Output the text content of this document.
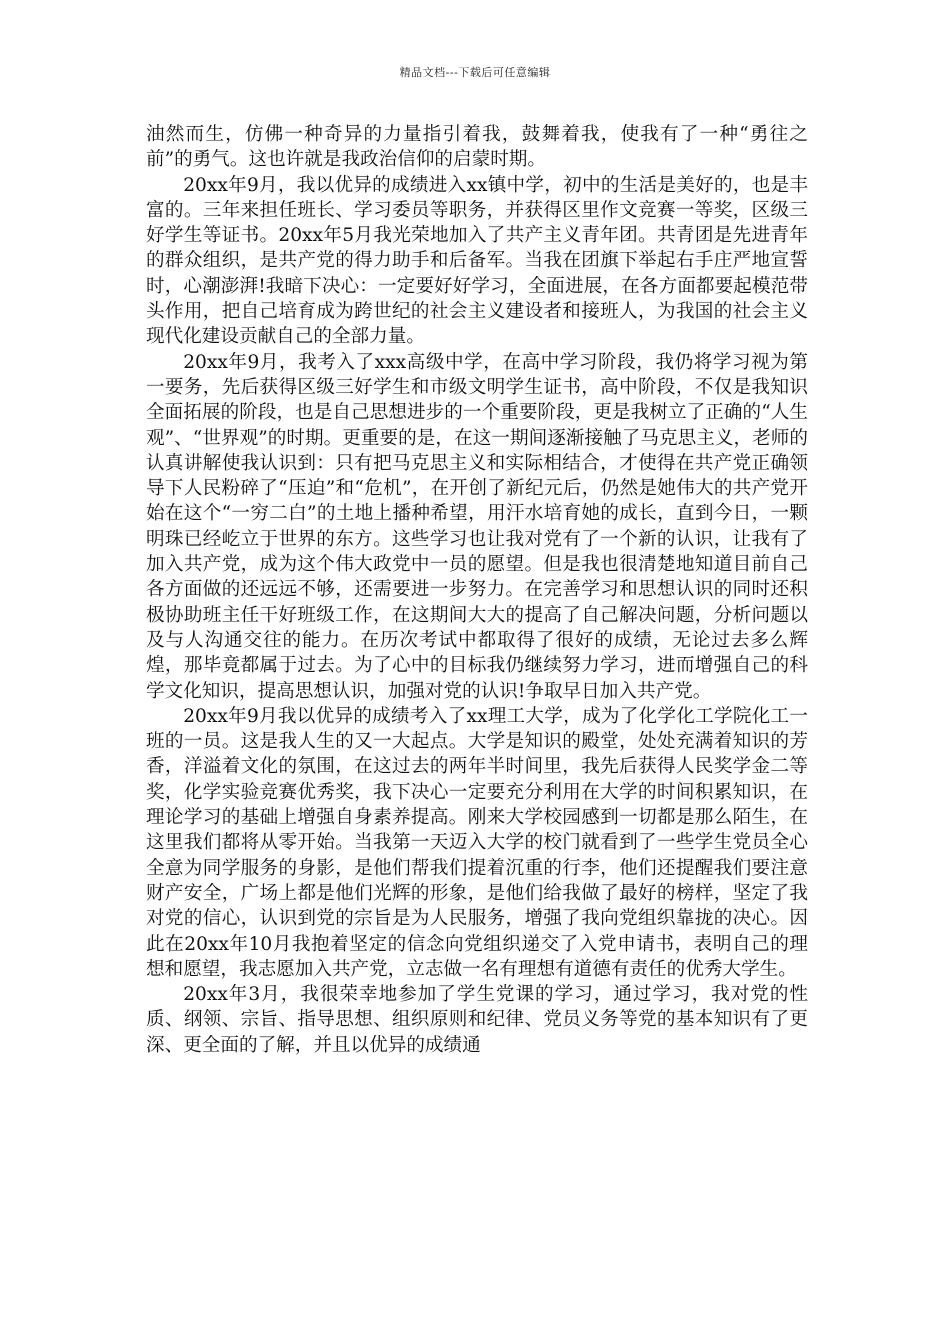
精品文档---下载后可任意编辑

油然而生，仿佛一种奇异的力量指引着我，鼓舞着我，使我有了一种“勇往之前”的勇气。这也许就是我政治信仰的启蒙时期。

20xx年9月，我以优异的成绩进入xx镇中学，初中的生活是美好的，也是丰富的。三年来担任班长、学习委员等职务，并获得区里作文竞赛一等奖，区级三好学生等证书。20xx年5月我光荣地加入了共产主义青年团。共青团是先进青年的群众组织，是共产党的得力助手和后备军。当我在团旗下举起右手庄严地宣誓时，心潮澎湃!我暗下决心：一定要好好学习，全面进展，在各方面都要起模范带头作用，把自己培育成为跨世纪的社会主义建设者和接班人，为我国的社会主义现代化建设贡献自己的全部力量。

20xx年9月，我考入了xxx高级中学，在高中学习阶段，我仍将学习视为第一要务，先后获得区级三好学生和市级文明学生证书，高中阶段，不仅是我知识全面拓展的阶段，也是自己思想进步的一个重要阶段，更是我树立了正确的“人生观”、“世界观”的时期。更重要的是，在这一期间逐渐接触了马克思主义，老师的认真讲解使我认识到：只有把马克思主义和实际相结合，才使得在共产党正确领导下人民粉碎了“压迫”和“危机”，在开创了新纪元后，仍然是她伟大的共产党开始在这个“一穷二白”的土地上播种希望，用汗水培育她的成长，直到今日，一颗明珠已经屹立于世界的东方。这些学习也让我对党有了一个新的认识，让我有了加入共产党，成为这个伟大政党中一员的愿望。但是我也很清楚地知道目前自己各方面做的还远远不够，还需要进一步努力。在完善学习和思想认识的同时还积极协助班主任干好班级工作，在这期间大大的提高了自己解决问题，分析问题以及与人沟通交往的能力。在历次考试中都取得了很好的成绩，无论过去多么辉煌，那毕竟都属于过去。为了心中的目标我仍继续努力学习，进而增强自己的科学文化知识，提高思想认识，加强对党的认识!争取早日加入共产党。

20xx年9月我以优异的成绩考入了xx理工大学，成为了化学化工学院化工一班的一员。这是我人生的又一大起点。大学是知识的殿堂，处处充满着知识的芳香，洋溢着文化的氛围，在这过去的两年半时间里，我先后获得人民奖学金二等奖，化学实验竞赛优秀奖，我下决心一定要充分利用在大学的时间积累知识，在理论学习的基础上增强自身素养提高。刚来大学校园感到一切都是那么陌生，在这里我们都将从零开始。当我第一天迈入大学的校门就看到了一些学生党员全心全意为同学服务的身影，是他们帮我们提着沉重的行李，他们还提醒我们要注意财产安全，广场上都是他们光辉的形象，是他们给我做了最好的榜样，坚定了我对党的信心，认识到党的宗旨是为人民服务，增强了我向党组织靠拢的决心。因此在20xx年10月我抱着坚定的信念向党组织递交了入党申请书，表明自己的理想和愿望，我志愿加入共产党，立志做一名有理想有道德有责任的优秀大学生。

20xx年3月，我很荣幸地参加了学生党课的学习，通过学习，我对党的性质、纲领、宗旨、指导思想、组织原则和纪律、党员义务等党的基本知识有了更深、更全面的了解，并且以优异的成绩通
